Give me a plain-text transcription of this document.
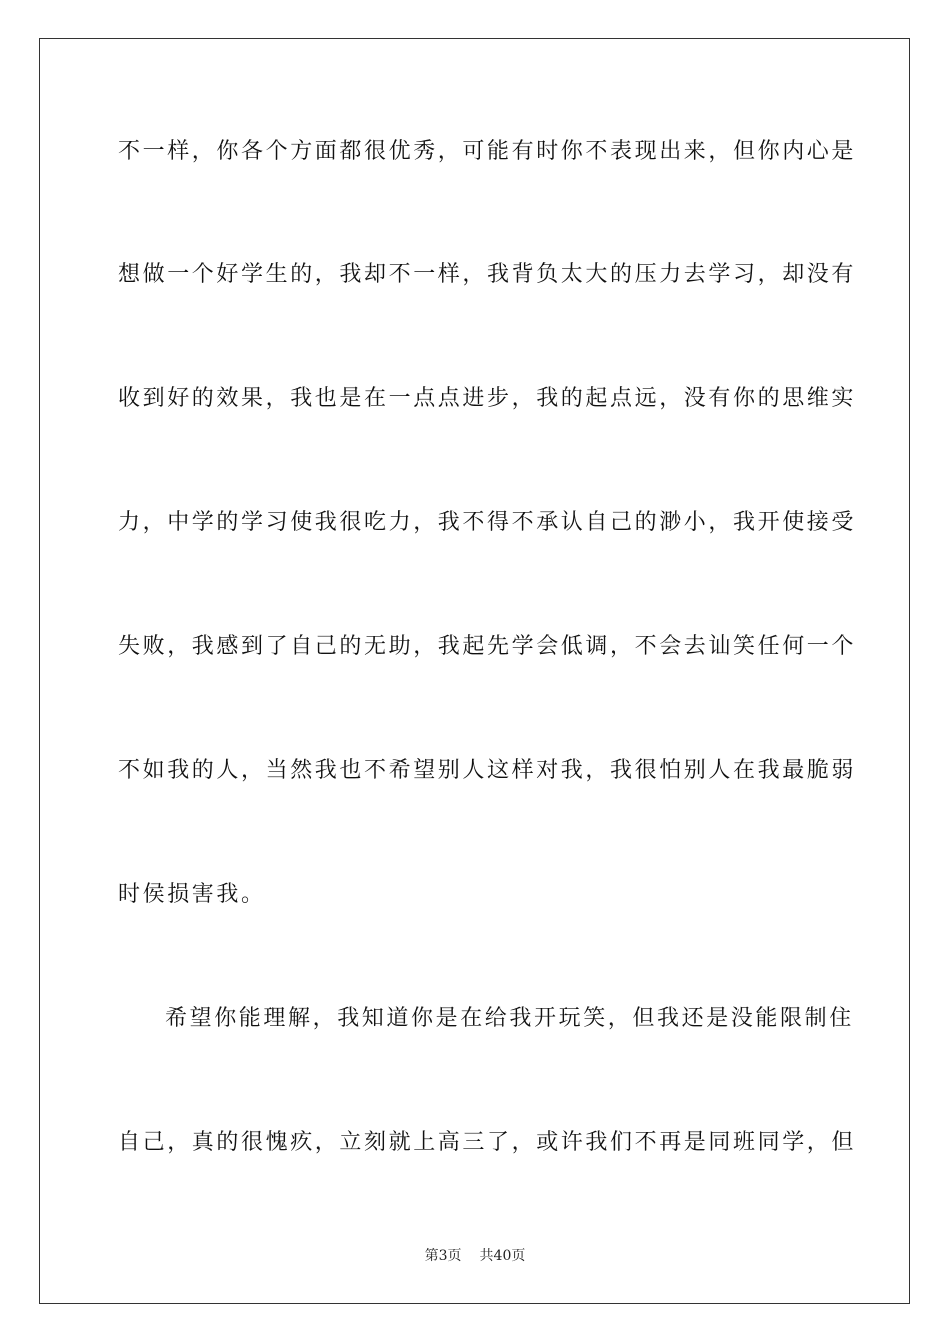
不一样，你各个方面都很优秀，可能有时你不表现出来，但你内心是
想做一个好学生的，我却不一样，我背负太大的压力去学习，却没有
收到好的效果，我也是在一点点进步，我的起点远，没有你的思维实
力，中学的学习使我很吃力，我不得不承认自己的渺小，我开使接受
失败，我感到了自己的无助，我起先学会低调，不会去讪笑任何一个
不如我的人，当然我也不希望别人这样对我，我很怕别人在我最脆弱
时侯损害我。
希望你能理解，我知道你是在给我开玩笑，但我还是没能限制住
自己，真的很愧疚，立刻就上高三了，或许我们不再是同班同学，但
第3页 共40页
